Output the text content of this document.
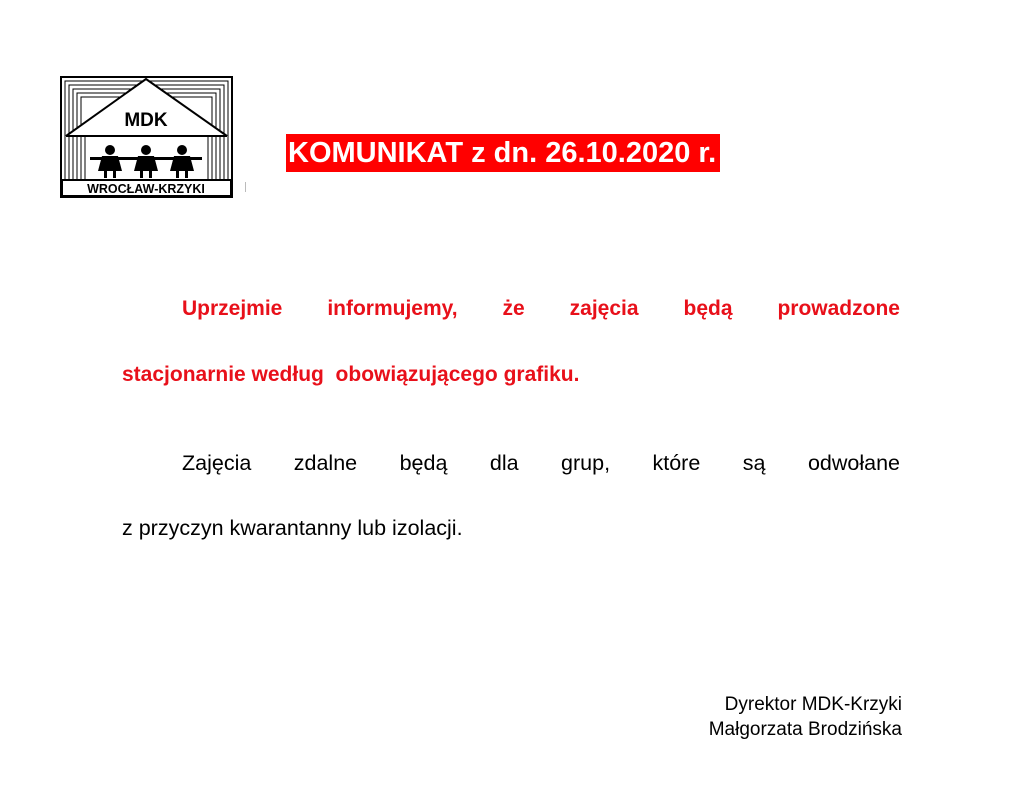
MDK
WROCŁAW-KRZYKI
KOMUNIKAT z dn. 26.10.2020 r.
Uprzejmie informujemy, że zajęcia będą prowadzone
stacjonarnie według  obowiązującego grafiku.
Zajęcia zdalne będą dla grup, które są odwołane
z przyczyn kwarantanny lub izolacji.
Dyrektor MDK-Krzyki
Małgorzata Brodzińska
